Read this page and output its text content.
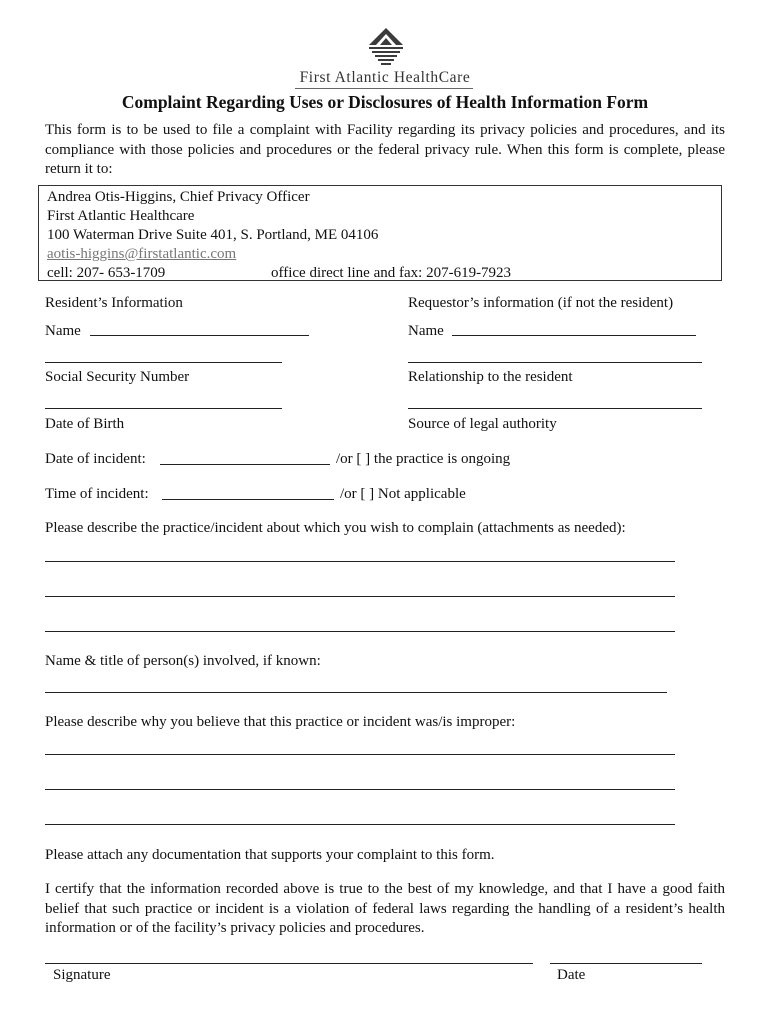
First Atlantic HealthCare
Complaint Regarding Uses or Disclosures of Health Information Form
This form is to be used to file a complaint with Facility regarding its privacy policies and procedures, and its compliance with those policies and procedures or the federal privacy rule. When this form is complete, please return it to:
Andrea Otis-Higgins, Chief Privacy Officer
First Atlantic Healthcare
100 Waterman Drive Suite 401, S. Portland, ME 04106
aotis-higgins@firstatlantic.com
cell: 207- 653-1709	office direct line and fax: 207-619-7923
Resident’s Information	Requestor’s information (if not the resident)
Name	Name
Social Security Number	Relationship to the resident
Date of Birth	Source of legal authority
Date of incident:	/or [ ] the practice is ongoing
Time of incident:	/or [ ] Not applicable
Please describe the practice/incident about which you wish to complain (attachments as needed):
Name & title of person(s) involved, if known:
Please describe why you believe that this practice or incident was/is improper:
Please attach any documentation that supports your complaint to this form.
I certify that the information recorded above is true to the best of my knowledge, and that I have a good faith belief that such practice or incident is a violation of federal laws regarding the handling of a resident’s health information or of the facility’s privacy policies and procedures.
Signature	Date
